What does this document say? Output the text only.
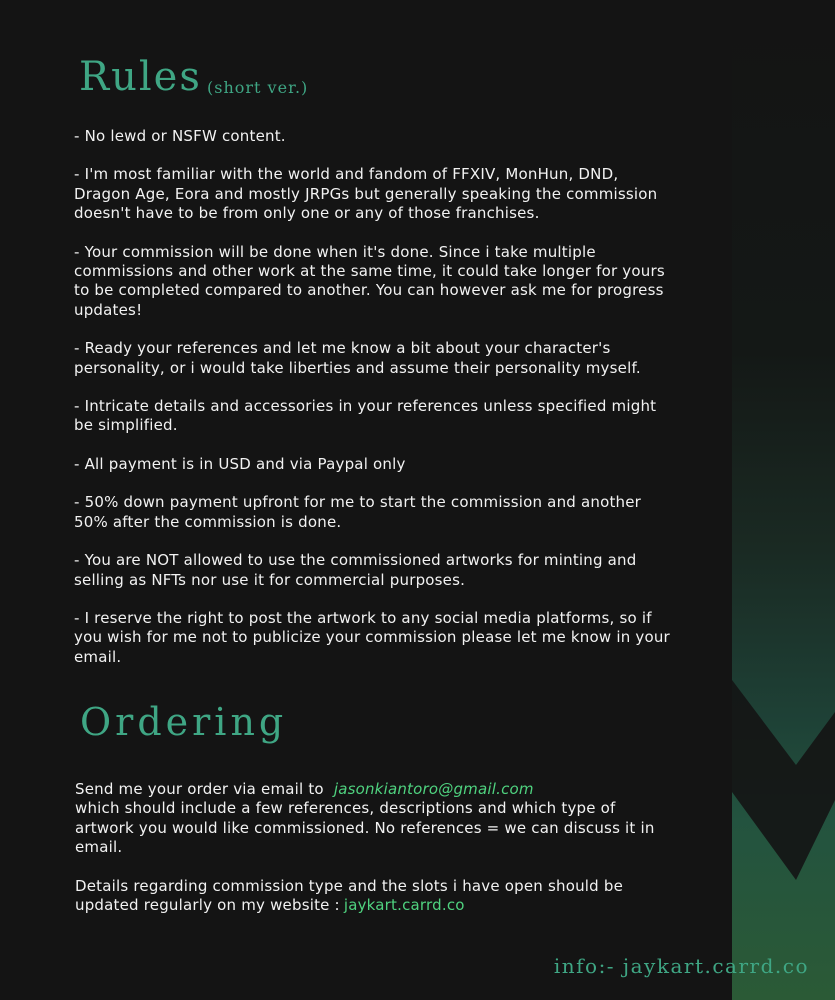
Rules (short ver.)
- No lewd or NSFW content.
- I'm most familiar with the world and fandom of FFXIV, MonHun, DND, Dragon Age, Eora and mostly JRPGs but generally speaking the commission doesn't have to be from only one or any of those franchises.
- Your commission will be done when it's done. Since i take multiple commissions and other work at the same time, it could take longer for yours to be completed compared to another. You can however ask me for progress updates!
- Ready your references and let me know a bit about your character's personality, or i would take liberties and assume their personality myself.
- Intricate details and accessories in your references unless specified might be simplified.
- All payment is in USD and via Paypal only
- 50% down payment upfront for me to start the commission and another 50% after the commission is done.
- You are NOT allowed to use the commissioned artworks for minting and selling as NFTs nor use it for commercial purposes.
- I reserve the right to post the artwork to any social media platforms, so if you wish for me not to publicize your commission please let me know in your email.
Ordering

Send me your order via email to jasonkiantoro@gmail.com
which should include a few references, descriptions and which type of artwork you would like commissioned. No references = we can discuss it in email.

Details regarding commission type and the slots i have open should be updated regularly on my website : jaykart.carrd.co

info:- jaykart.carrd.co
